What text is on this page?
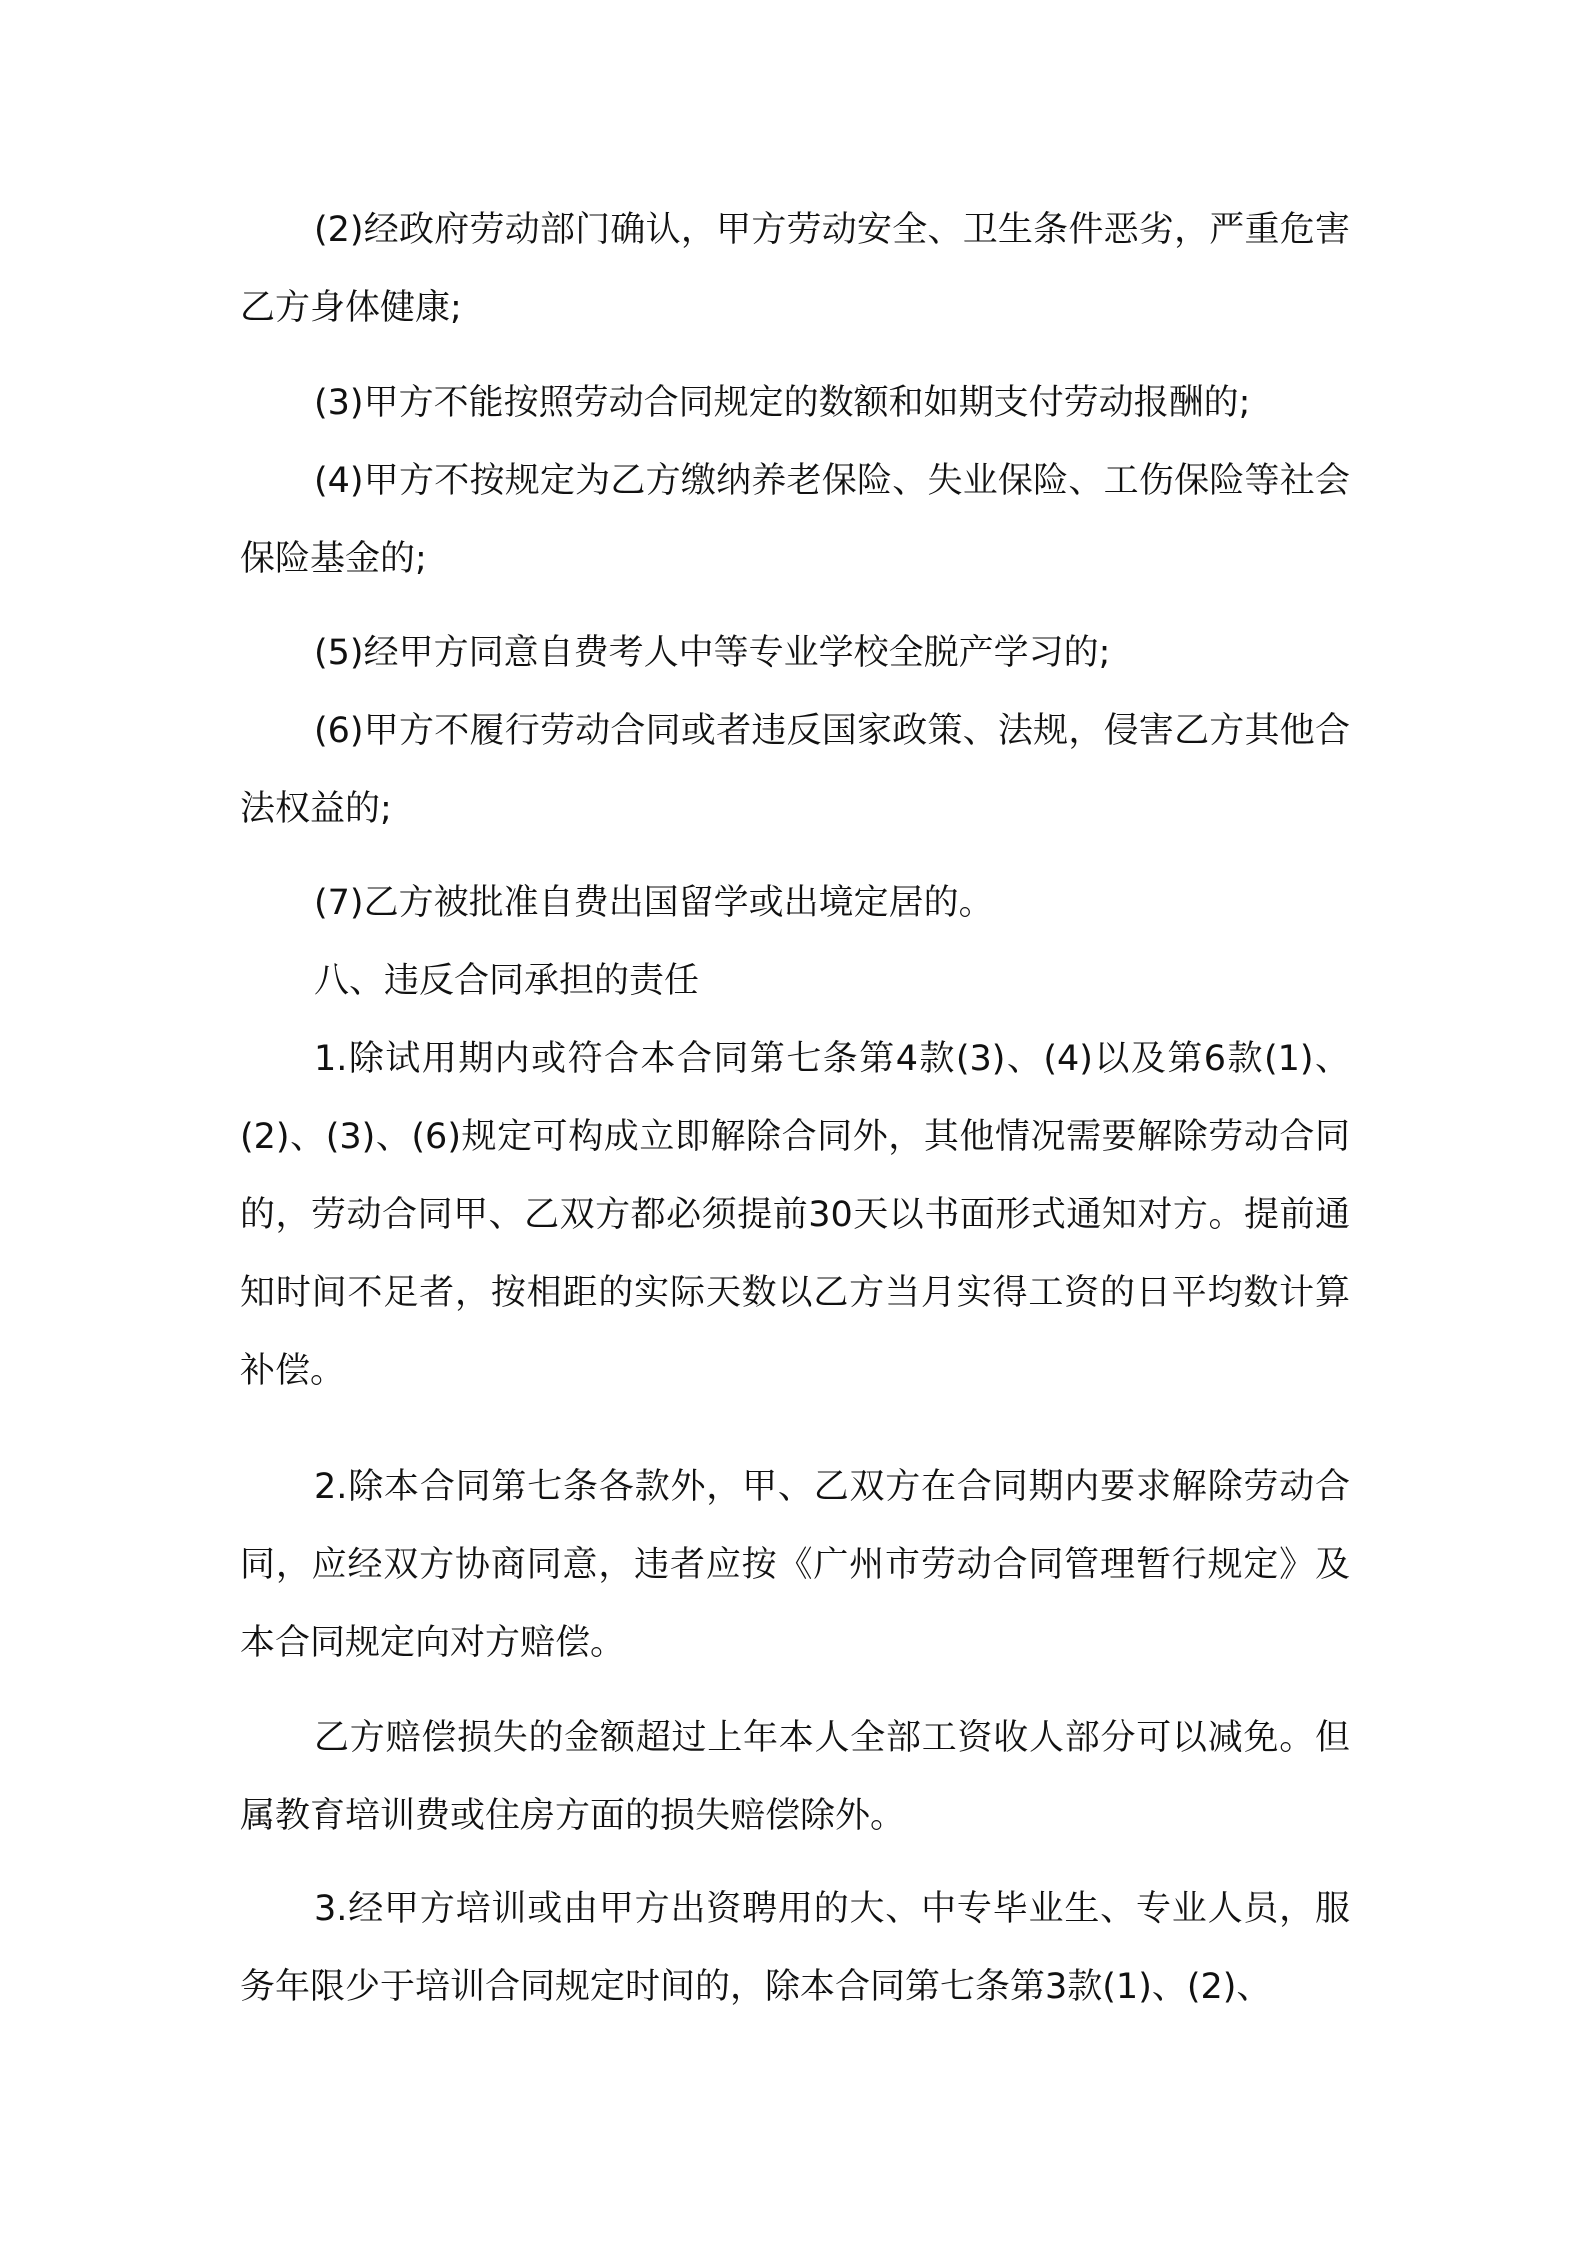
(2)经政府劳动部门确认，甲方劳动安全、卫生条件恶劣，严重危害乙方身体健康;

(3)甲方不能按照劳动合同规定的数额和如期支付劳动报酬的;

(4)甲方不按规定为乙方缴纳养老保险、失业保险、工伤保险等社会保险基金的;

(5)经甲方同意自费考人中等专业学校全脱产学习的;

(6)甲方不履行劳动合同或者违反国家政策、法规，侵害乙方其他合法权益的;

(7)乙方被批准自费出国留学或出境定居的。

八、违反合同承担的责任

1.除试用期内或符合本合同第七条第4款(3)、(4)以及第6款(1)、(2)、(3)、(6)规定可构成立即解除合同外，其他情况需要解除劳动合同的，劳动合同甲、乙双方都必须提前30天以书面形式通知对方。提前通知时间不足者，按相距的实际天数以乙方当月实得工资的日平均数计算补偿。

2.除本合同第七条各款外，甲、乙双方在合同期内要求解除劳动合同，应经双方协商同意，违者应按《广州市劳动合同管理暂行规定》及本合同规定向对方赔偿。

乙方赔偿损失的金额超过上年本人全部工资收人部分可以减免。但属教育培训费或住房方面的损失赔偿除外。

3.经甲方培训或由甲方出资聘用的大、中专毕业生、专业人员，服务年限少于培训合同规定时间的，除本合同第七条第3款(1)、(2)、
